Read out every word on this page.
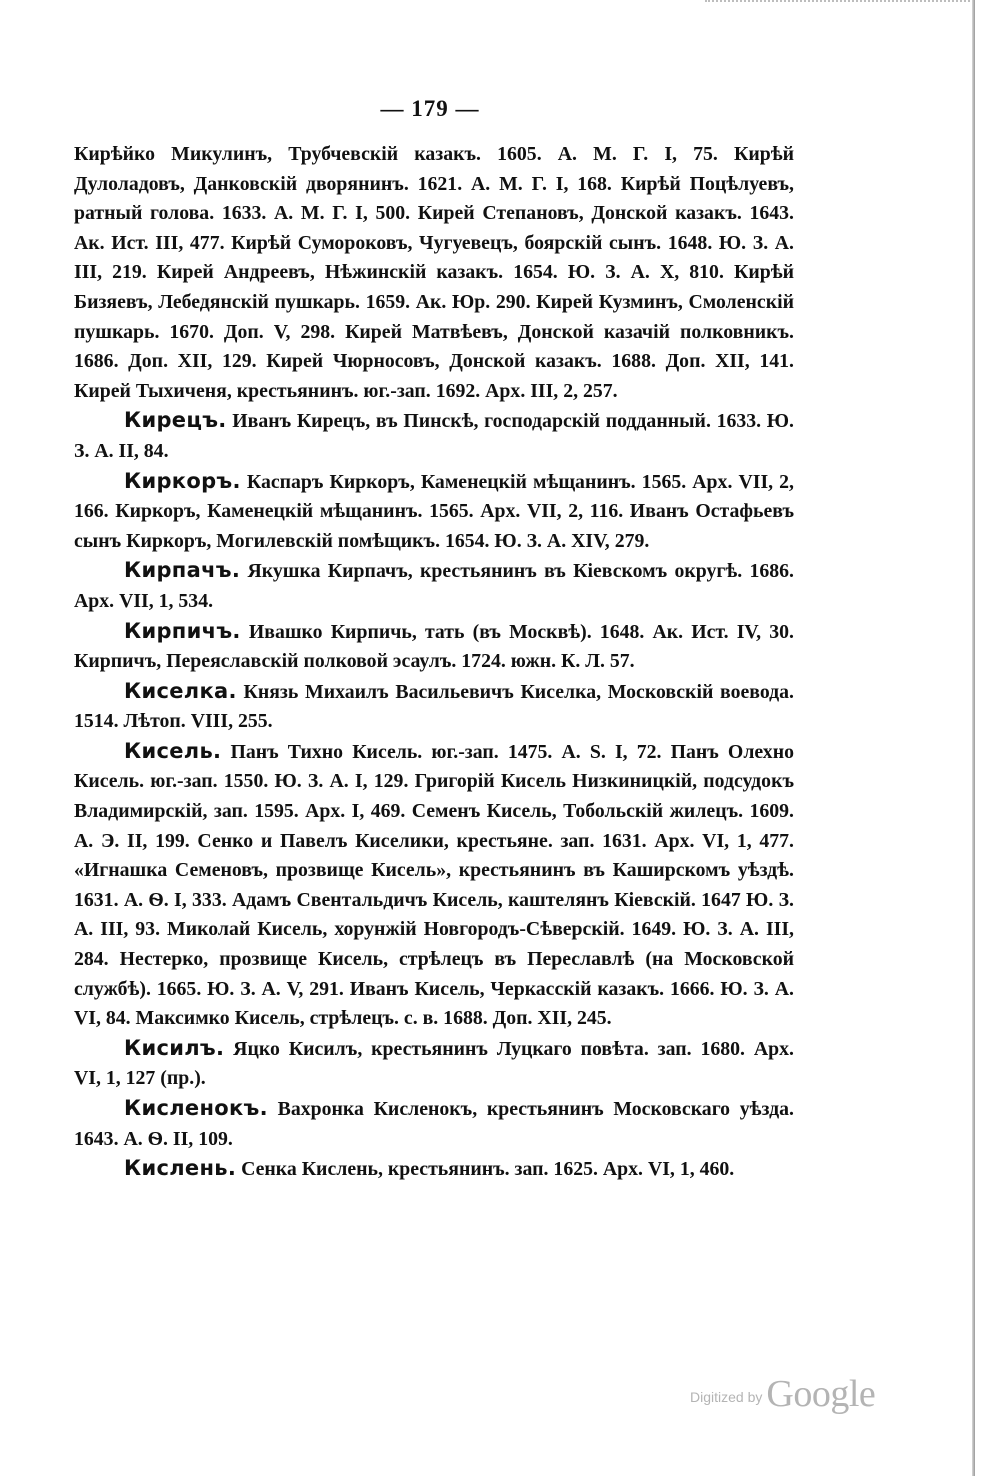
— 179 —

Кирѣйко Микулинъ, Трубчевскій казакъ. 1605. А. М. Г. I, 75. Кирѣй Дулоладовъ, Данковскій дворянинъ. 1621. А. М. Г. I, 168. Кирѣй Поцѣлуевъ, ратный голова. 1633. А. М. Г. I, 500. Кирей Степановъ, Донской казакъ. 1643. Ак. Ист. III, 477. Кирѣй Сумороковъ, Чугуевецъ, боярскій сынъ. 1648. Ю. З. А. III, 219. Кирей Андреевъ, Нѣжинскій казакъ. 1654. Ю. З. А. X, 810. Кирѣй Бизяевъ, Лебедянскій пушкарь. 1659. Ак. Юр. 290. Кирей Кузминъ, Смоленскій пушкарь. 1670. Доп. V, 298. Кирей Матвѣевъ, Донской казачій полковникъ. 1686. Доп. XII, 129. Кирей Чюрносовъ, Донской казакъ. 1688. Доп. XII, 141. Кирей Тыхиченя, крестьянинъ. юг.-зап. 1692. Арх. III, 2, 257.

Кирецъ. Иванъ Кирецъ, въ Пинскѣ, господарскій подданный. 1633. Ю. З. А. II, 84.

Киркоръ. Каспаръ Киркоръ, Каменецкій мѣщанинъ. 1565. Арх. VII, 2, 166. Киркоръ, Каменецкій мѣщанинъ. 1565. Арх. VII, 2, 116. Иванъ Остафьевъ сынъ Киркоръ, Могилевскій помѣщикъ. 1654. Ю. З. А. XIV, 279.

Кирпачъ. Якушка Кирпачъ, крестьянинъ въ Кіевскомъ округѣ. 1686. Арх. VII, 1, 534.

Кирпичъ. Ивашко Кирпичь, тать (въ Москвѣ). 1648. Ак. Ист. IV, 30. Кирпичъ, Переяславскій полковой эсаулъ. 1724. южн. К. Л. 57.

Киселка. Князь Михаилъ Васильевичъ Киселка, Московскій воевода. 1514. Лѣтоп. VIII, 255.

Кисель. Панъ Тихно Кисель. юг.-зап. 1475. A. S. I, 72. Панъ Олехно Кисель. юг.-зап. 1550. Ю. З. А. I, 129. Григорій Кисель Низкиницкій, подсудокъ Владимирскій, зап. 1595. Арх. I, 469. Семенъ Кисель, Тобольскій жилецъ. 1609. А. Э. II, 199. Сенко и Павелъ Киселики, крестьяне. зап. 1631. Арх. VI, 1, 477. «Игнашка Семеновъ, прозвище Кисель», крестьянинъ въ Каширскомъ уѣздѣ. 1631. А. Ѳ. I, 333. Адамъ Свентальдичъ Кисель, каштелянъ Кіевскій. 1647 Ю. З. А. III, 93. Миколай Кисель, хорунжій Новгородъ-Сѣверскій. 1649. Ю. З. А. III, 284. Нестерко, прозвище Кисель, стрѣлецъ въ Переславлѣ (на Московской службѣ). 1665. Ю. З. А. V, 291. Иванъ Кисель, Черкасскій казакъ. 1666. Ю. З. А. VI, 84. Максимко Кисель, стрѣлецъ. с. в. 1688. Доп. XII, 245.

Кисилъ. Яцко Кисилъ, крестьянинъ Луцкаго повѣта. зап. 1680. Арх. VI, 1, 127 (пр.).

Кисленокъ. Вахронка Кисленокъ, крестьянинъ Московскаго уѣзда. 1643. А. Ѳ. II, 109.

Кислень. Сенка Кислень, крестьянинъ. зап. 1625. Арх. VI, 1, 460.

Digitized by Google
